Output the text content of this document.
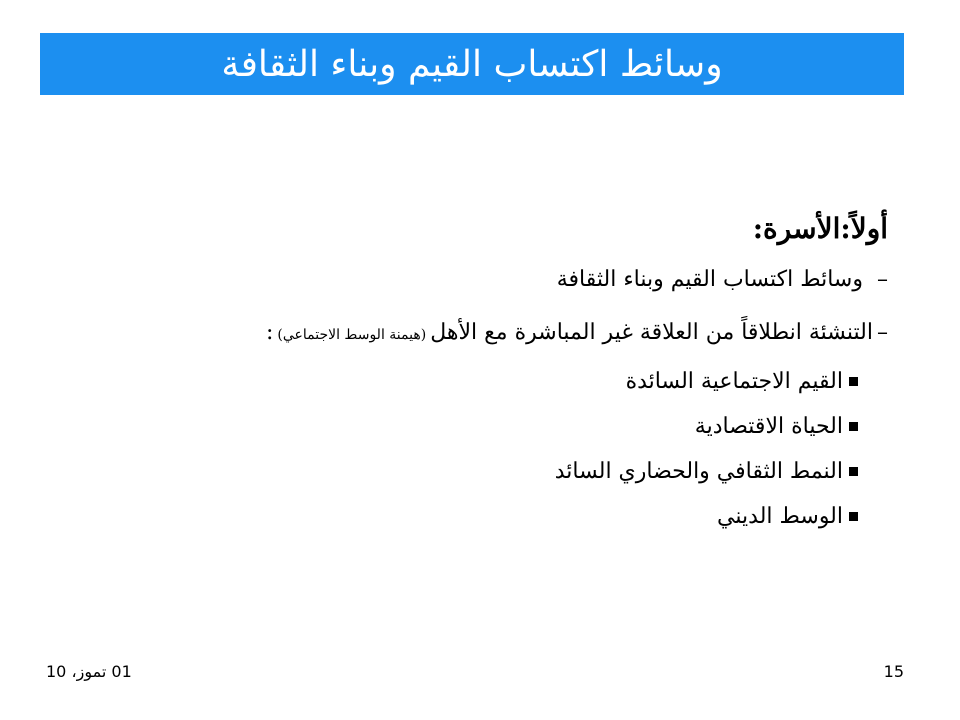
وسائط اكتساب القيم وبناء الثقافة
أولاً:الأسرة:
–
وسائط اكتساب القيم وبناء الثقافة
–
التنشئة انطلاقاً من العلاقة غير المباشرة مع الأهل
(هيمنة الوسط الاجتماعي)
:
القيم الاجتماعية السائدة
الحياة الاقتصادية
النمط الثقافي والحضاري السائد
الوسط الديني
01 تموز، 10	15
